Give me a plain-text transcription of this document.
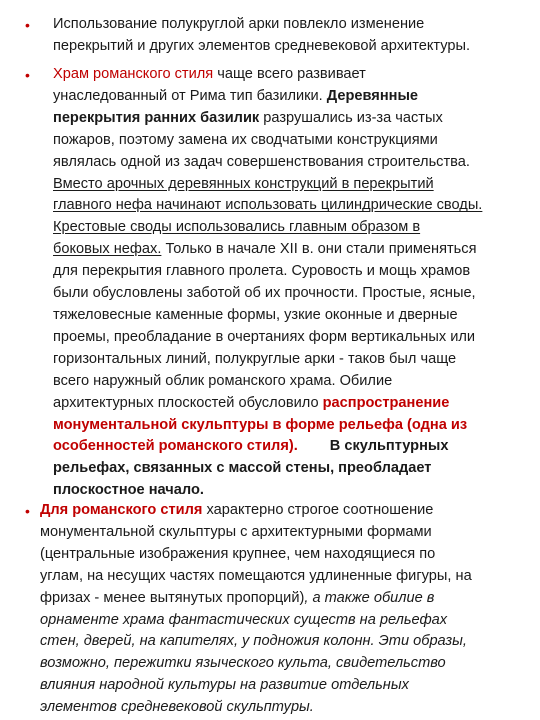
• Использование полукруглой арки повлекло изменение
перекрытий и других элементов средневековой архитектуры.
• Храм романского стиля чаще всего развивает
унаследованный от Рима тип базилики. Деревянные
перекрытия ранних базилик разрушались из-за частых
пожаров, поэтому замена их сводчатыми конструкциями
являлась одной из задач совершенствования строительства.
Вместо арочных деревянных конструкций в перекрытий
главного нефа начинают использовать цилиндрические своды.
Крестовые своды использовались главным образом в
боковых нефах. Только в начале XII в. они стали применяться
для перекрытия главного пролета. Суровость и мощь храмов
были обусловлены заботой об их прочности. Простые, ясные,
тяжеловесные каменные формы, узкие оконные и дверные
проемы, преобладание в очертаниях форм вертикальных или
горизонтальных линий, полукруглые арки - таков был чаще
всего наружный облик романского храма. Обилие
архитектурных плоскостей обусловило распространение
монументальной скульптуры в форме рельефа (одна из
особенностей романского стиля). В скульптурных
рельефах, связанных с массой стены, преобладает
плоскостное начало.
• Для романского стиля характерно строгое соотношение
монументальной скульптуры с архитектурными формами
(центральные изображения крупнее, чем находящиеся по
углам, на несущих частях помещаются удлиненные фигуры, на
фризах - менее вытянутых пропорций), а также обилие в
орнаменте храма фантастических существ на рельефах
стен, дверей, на капителях, у подножия колонн. Эти образы,
возможно, пережитки языческого культа, свидетельство
влияния народной культуры на развитие отдельных
элементов средневековой скульптуры.
